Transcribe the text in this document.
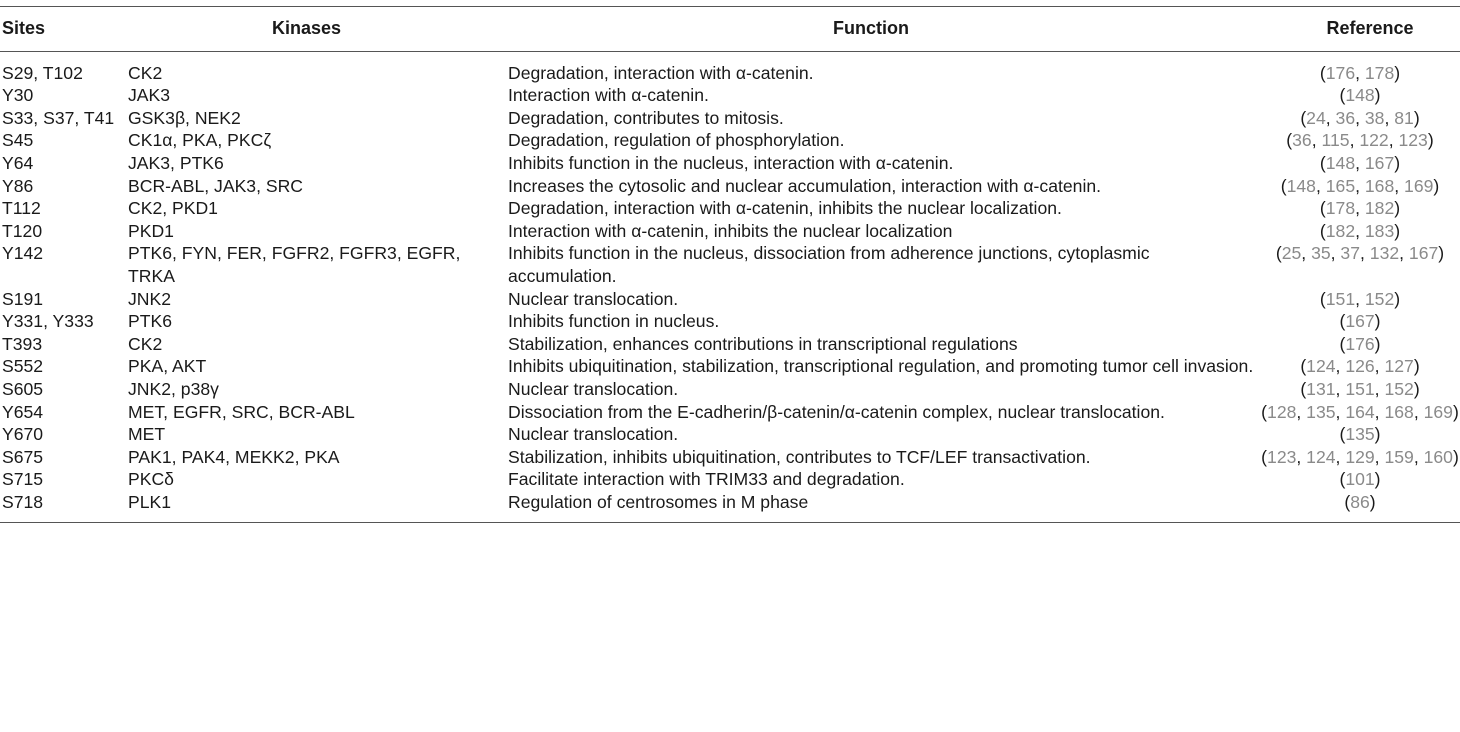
Sites	Kinases	Function	Reference
S29, T102	CK2	Degradation, interaction with α-catenin.	(176, 178)
Y30	JAK3	Interaction with α-catenin.	(148)
S33, S37, T41	GSK3β, NEK2	Degradation, contributes to mitosis.	(24, 36, 38, 81)
S45	CK1α, PKA, PKCζ	Degradation, regulation of phosphorylation.	(36, 115, 122, 123)
Y64	JAK3, PTK6	Inhibits function in the nucleus, interaction with α-catenin.	(148, 167)
Y86	BCR-ABL, JAK3, SRC	Increases the cytosolic and nuclear accumulation, interaction with α-catenin.	(148, 165, 168, 169)
T112	CK2, PKD1	Degradation, interaction with α-catenin, inhibits the nuclear localization.	(178, 182)
T120	PKD1	Interaction with α-catenin, inhibits the nuclear localization	(182, 183)
Y142	PTK6, FYN, FER, FGFR2, FGFR3, EGFR, TRKA	Inhibits function in the nucleus, dissociation from adherence junctions, cytoplasmic accumulation.	(25, 35, 37, 132, 167)
S191	JNK2	Nuclear translocation.	(151, 152)
Y331, Y333	PTK6	Inhibits function in nucleus.	(167)
T393	CK2	Stabilization, enhances contributions in transcriptional regulations	(176)
S552	PKA, AKT	Inhibits ubiquitination, stabilization, transcriptional regulation, and promoting tumor cell invasion.	(124, 126, 127)
S605	JNK2, p38γ	Nuclear translocation.	(131, 151, 152)
Y654	MET, EGFR, SRC, BCR-ABL	Dissociation from the E-cadherin/β-catenin/α-catenin complex, nuclear translocation.	(128, 135, 164, 168, 169)
Y670	MET	Nuclear translocation.	(135)
S675	PAK1, PAK4, MEKK2, PKA	Stabilization, inhibits ubiquitination, contributes to TCF/LEF transactivation.	(123, 124, 129, 159, 160)
S715	PKCδ	Facilitate interaction with TRIM33 and degradation.	(101)
S718	PLK1	Regulation of centrosomes in M phase	(86)
